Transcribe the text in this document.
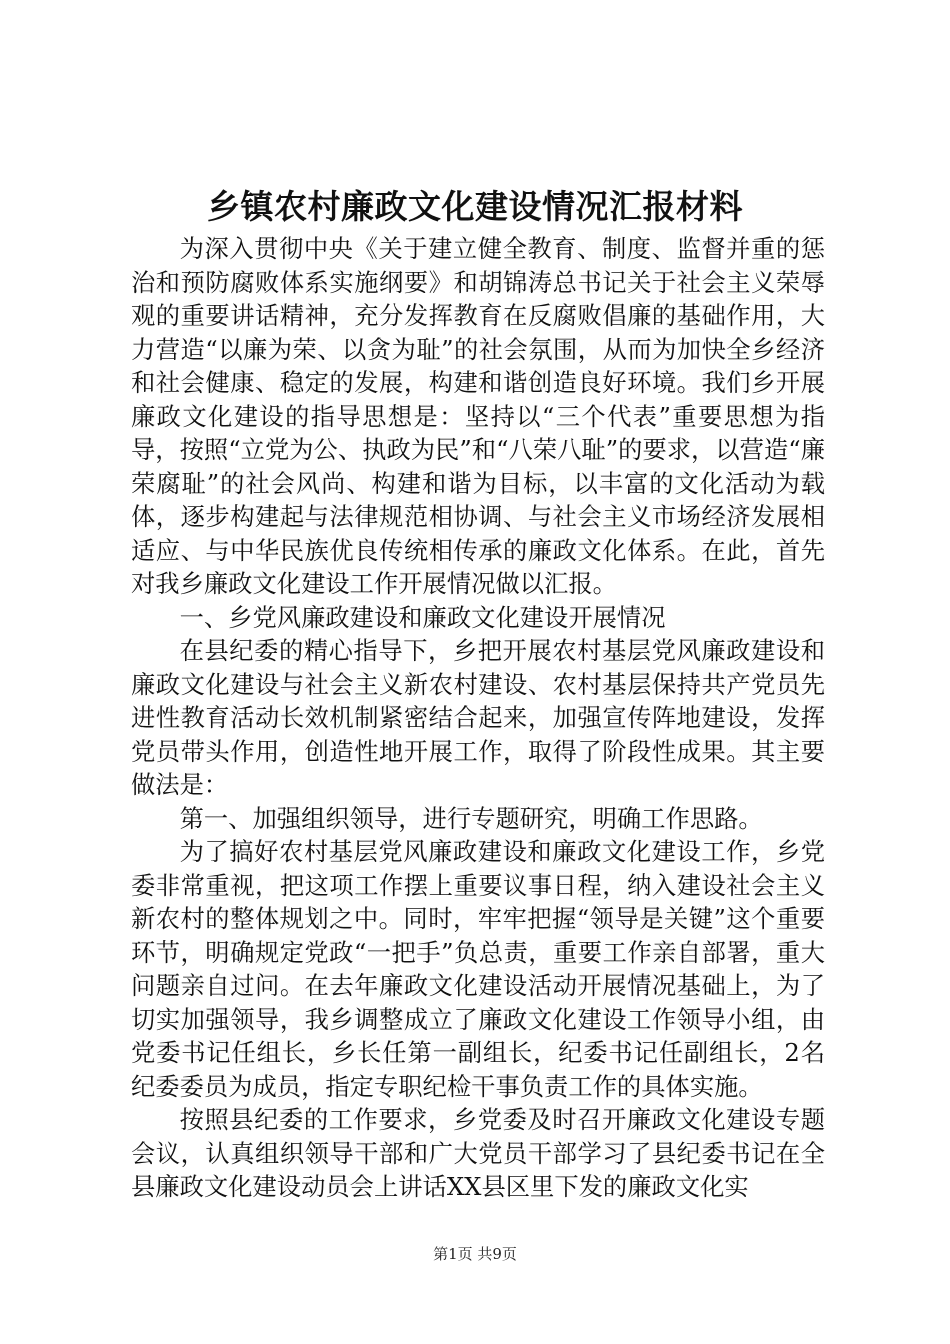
乡镇农村廉政文化建设情况汇报材料

为深入贯彻中央《关于建立健全教育、制度、监督并重的惩治和预防腐败体系实施纲要》和胡锦涛总书记关于社会主义荣辱观的重要讲话精神，充分发挥教育在反腐败倡廉的基础作用，大力营造“以廉为荣、以贪为耻”的社会氛围，从而为加快全乡经济和社会健康、稳定的发展，构建和谐创造良好环境。我们乡开展廉政文化建设的指导思想是：坚持以“三个代表”重要思想为指导，按照“立党为公、执政为民”和“八荣八耻”的要求，以营造“廉荣腐耻”的社会风尚、构建和谐为目标，以丰富的文化活动为载体，逐步构建起与法律规范相协调、与社会主义市场经济发展相适应、与中华民族优良传统相传承的廉政文化体系。在此，首先对我乡廉政文化建设工作开展情况做以汇报。

一、乡党风廉政建设和廉政文化建设开展情况

在县纪委的精心指导下，乡把开展农村基层党风廉政建设和廉政文化建设与社会主义新农村建设、农村基层保持共产党员先进性教育活动长效机制紧密结合起来，加强宣传阵地建设，发挥党员带头作用，创造性地开展工作，取得了阶段性成果。其主要做法是：

第一、加强组织领导，进行专题研究，明确工作思路。

为了搞好农村基层党风廉政建设和廉政文化建设工作，乡党委非常重视，把这项工作摆上重要议事日程，纳入建设社会主义新农村的整体规划之中。同时，牢牢把握“领导是关键”这个重要环节，明确规定党政“一把手”负总责，重要工作亲自部署，重大问题亲自过问。在去年廉政文化建设活动开展情况基础上，为了切实加强领导，我乡调整成立了廉政文化建设工作领导小组，由党委书记任组长，乡长任第一副组长，纪委书记任副组长，2名纪委委员为成员，指定专职纪检干事负责工作的具体实施。

按照县纪委的工作要求，乡党委及时召开廉政文化建设专题会议，认真组织领导干部和广大党员干部学习了县纪委书记在全县廉政文化建设动员会上讲话XX县区里下发的廉政文化实

第1页 共9页
